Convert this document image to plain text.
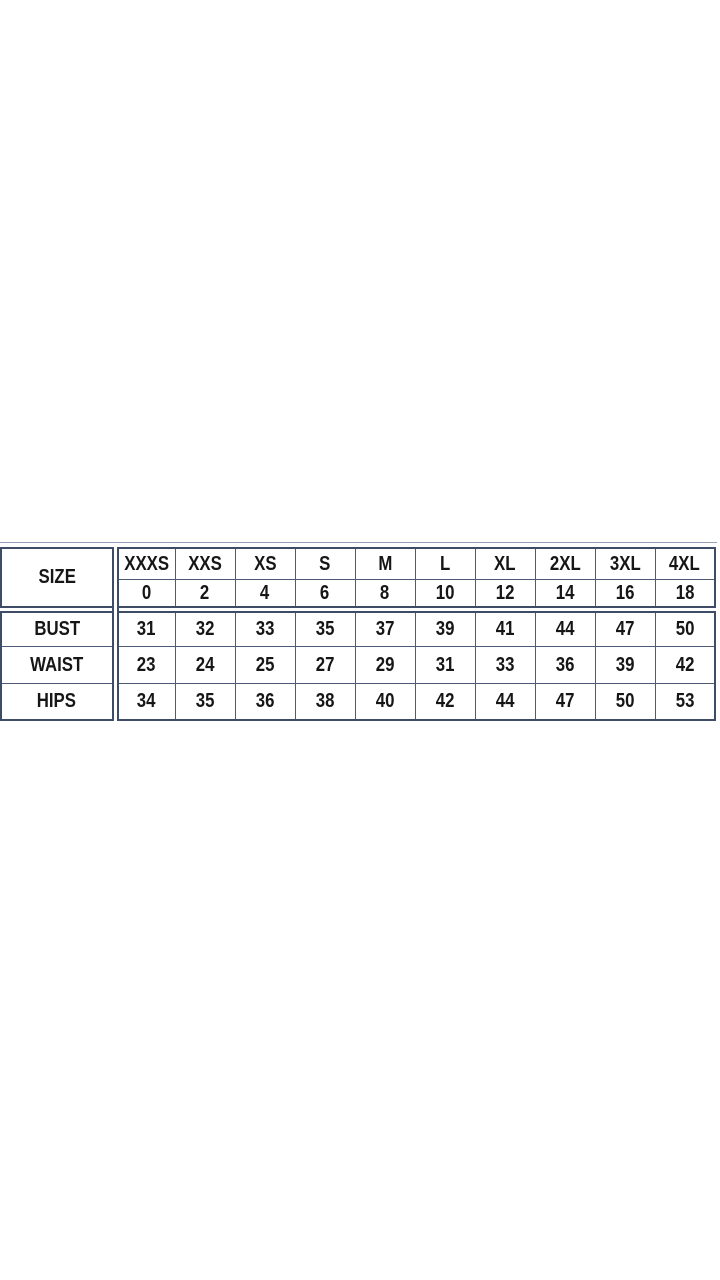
SIZE	XXXS	XXS	XS	S	M	L	XL	2XL	3XL	4XL
	0	2	4	6	8	10	12	14	16	18
BUST	31	32	33	35	37	39	41	44	47	50
WAIST	23	24	25	27	29	31	33	36	39	42
HIPS	34	35	36	38	40	42	44	47	50	53
